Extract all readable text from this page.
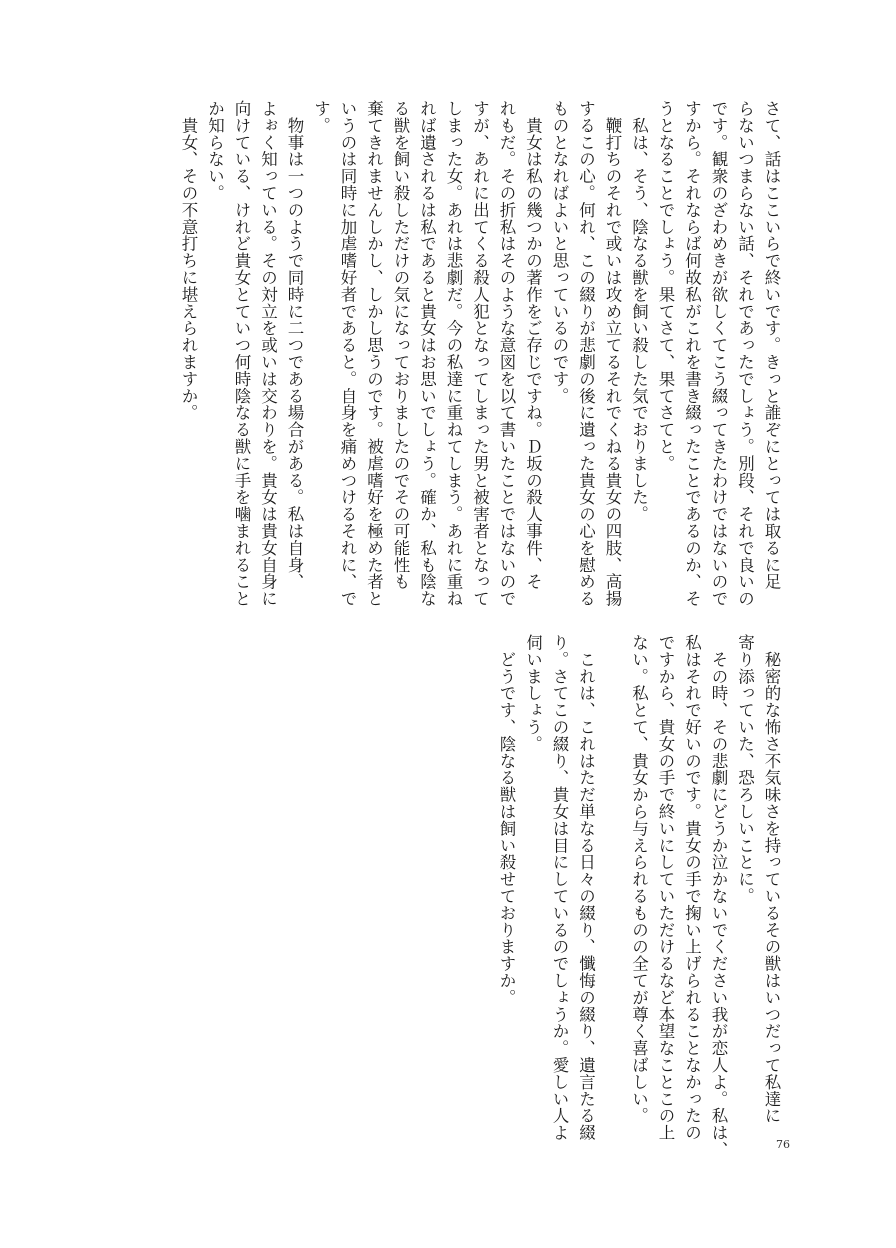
さて、話はここいらで終いです。きっと誰ぞにとっては取るに足
らないつまらない話、それであったでしょう。別段、それで良いの
です。観衆のざわめきが欲しくてこう綴ってきたわけではないので
すから。それならば何故私がこれを書き綴ったことであるのか、そ
うとなることでしょう。果てさて、果てさてと。
　私は、そう、陰なる獣を飼い殺した気でおりました。
　鞭打ちのそれで或いは攻め立てるそれでくねる貴女の四肢、高揚
するこの心。何れ、この綴りが悲劇の後に遺った貴女の心を慰める
ものとなればよいと思っているのです。
　貴女は私の幾つかの著作をご存じですね。Ｄ坂の殺人事件、そ
れもだ。その折私はそのような意図を以て書いたことではないので
すが、あれに出てくる殺人犯となってしまった男と被害者となって
しまった女。あれは悲劇だ。今の私達に重ねてしまう。あれに重ね
れば遺されるは私であると貴女はお思いでしょう。確か、私も陰な
る獣を飼い殺しただけの気になっておりましたのでその可能性も
棄てきれませんしかし、しかし思うのです。被虐嗜好を極めた者と
いうのは同時に加虐嗜好者であると。自身を痛めつけるそれに、で
す。
　物事は一つのようで同時に二つである場合がある。私は自身、
よぉく知っている。その対立を或いは交わりを。貴女は貴女自身に
向けている、けれど貴女とていつ何時陰なる獣に手を噛まれること
か知らない。
　貴女、その不意打ちに堪えられますか。
　秘密的な怖さ不気味さを持っているその獣はいつだって私達に
寄り添っていた、恐ろしいことに。
　その時、その悲劇にどうか泣かないでください我が恋人よ。私は、
私はそれで好いのです。貴女の手で掬い上げられることなかったの
ですから、貴女の手で終いにしていただけるなど本望なことこの上
ない。私とて、貴女から与えられるものの全てが尊く喜ばしい。

　これは、これはただ単なる日々の綴り、懺悔の綴り、遺言たる綴
り。さてこの綴り、貴女は目にしているのでしょうか。愛しい人よ
伺いましょう。
　どうです、陰なる獣は飼い殺せておりますか。
76
